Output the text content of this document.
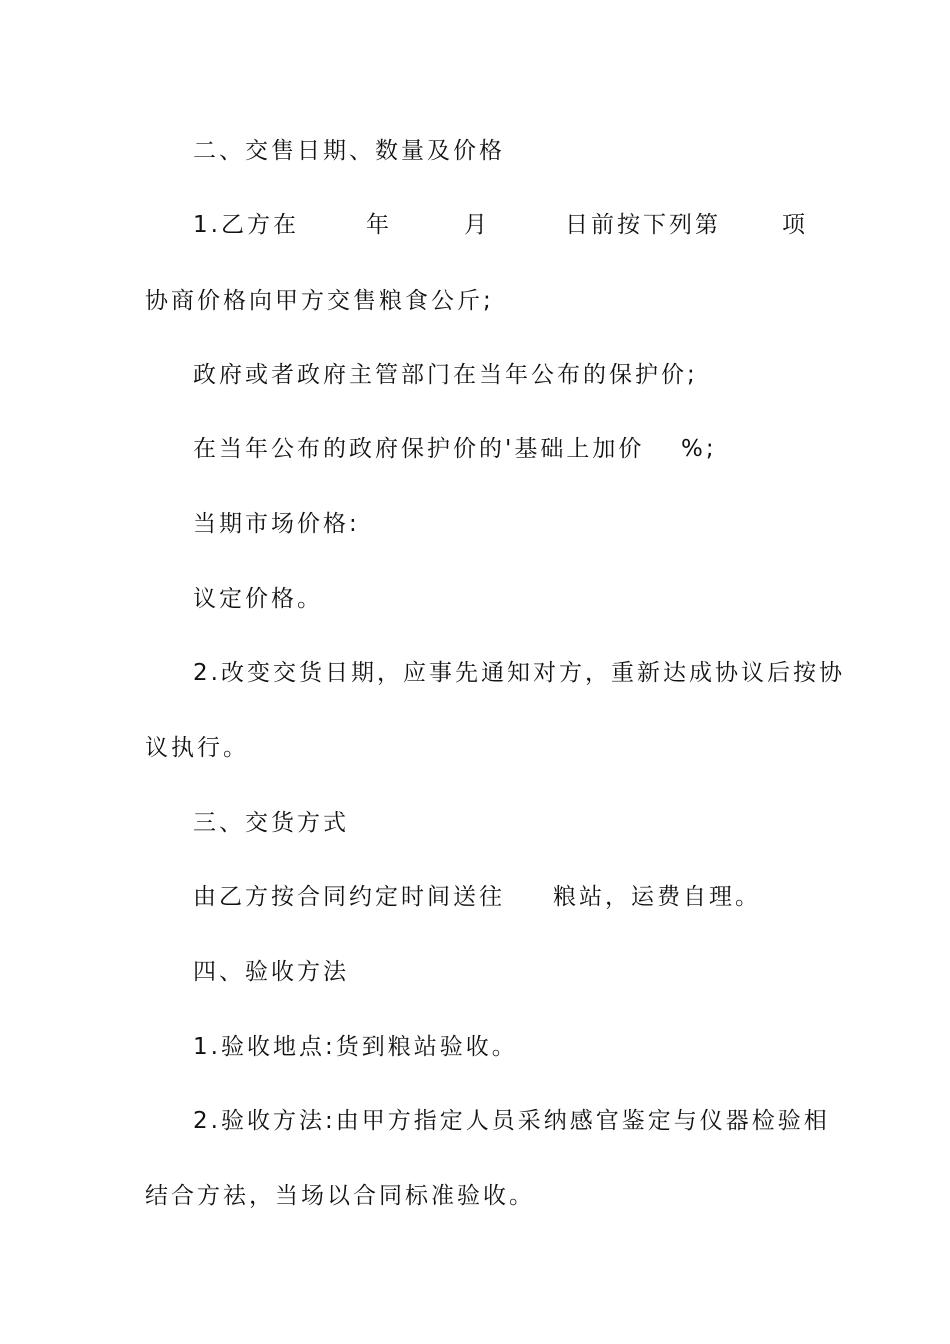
二、交售日期、数量及价格
1.乙方在	年	月	日前按下列第	项
协商价格向甲方交售粮食公斤;
政府或者政府主管部门在当年公布的保护价;
在当年公布的政府保护价的'基础上加价 %;
当期市场价格:
议定价格。
2.改变交货日期，应事先通知对方，重新达成协议后按协
议执行。
三、交货方式
由乙方按合同约定时间送往 粮站，运费自理。
四、验收方法
1.验收地点:货到粮站验收。
2.验收方法:由甲方指定人员采纳感官鉴定与仪器检验相
结合方祛，当场以合同标准验收。
